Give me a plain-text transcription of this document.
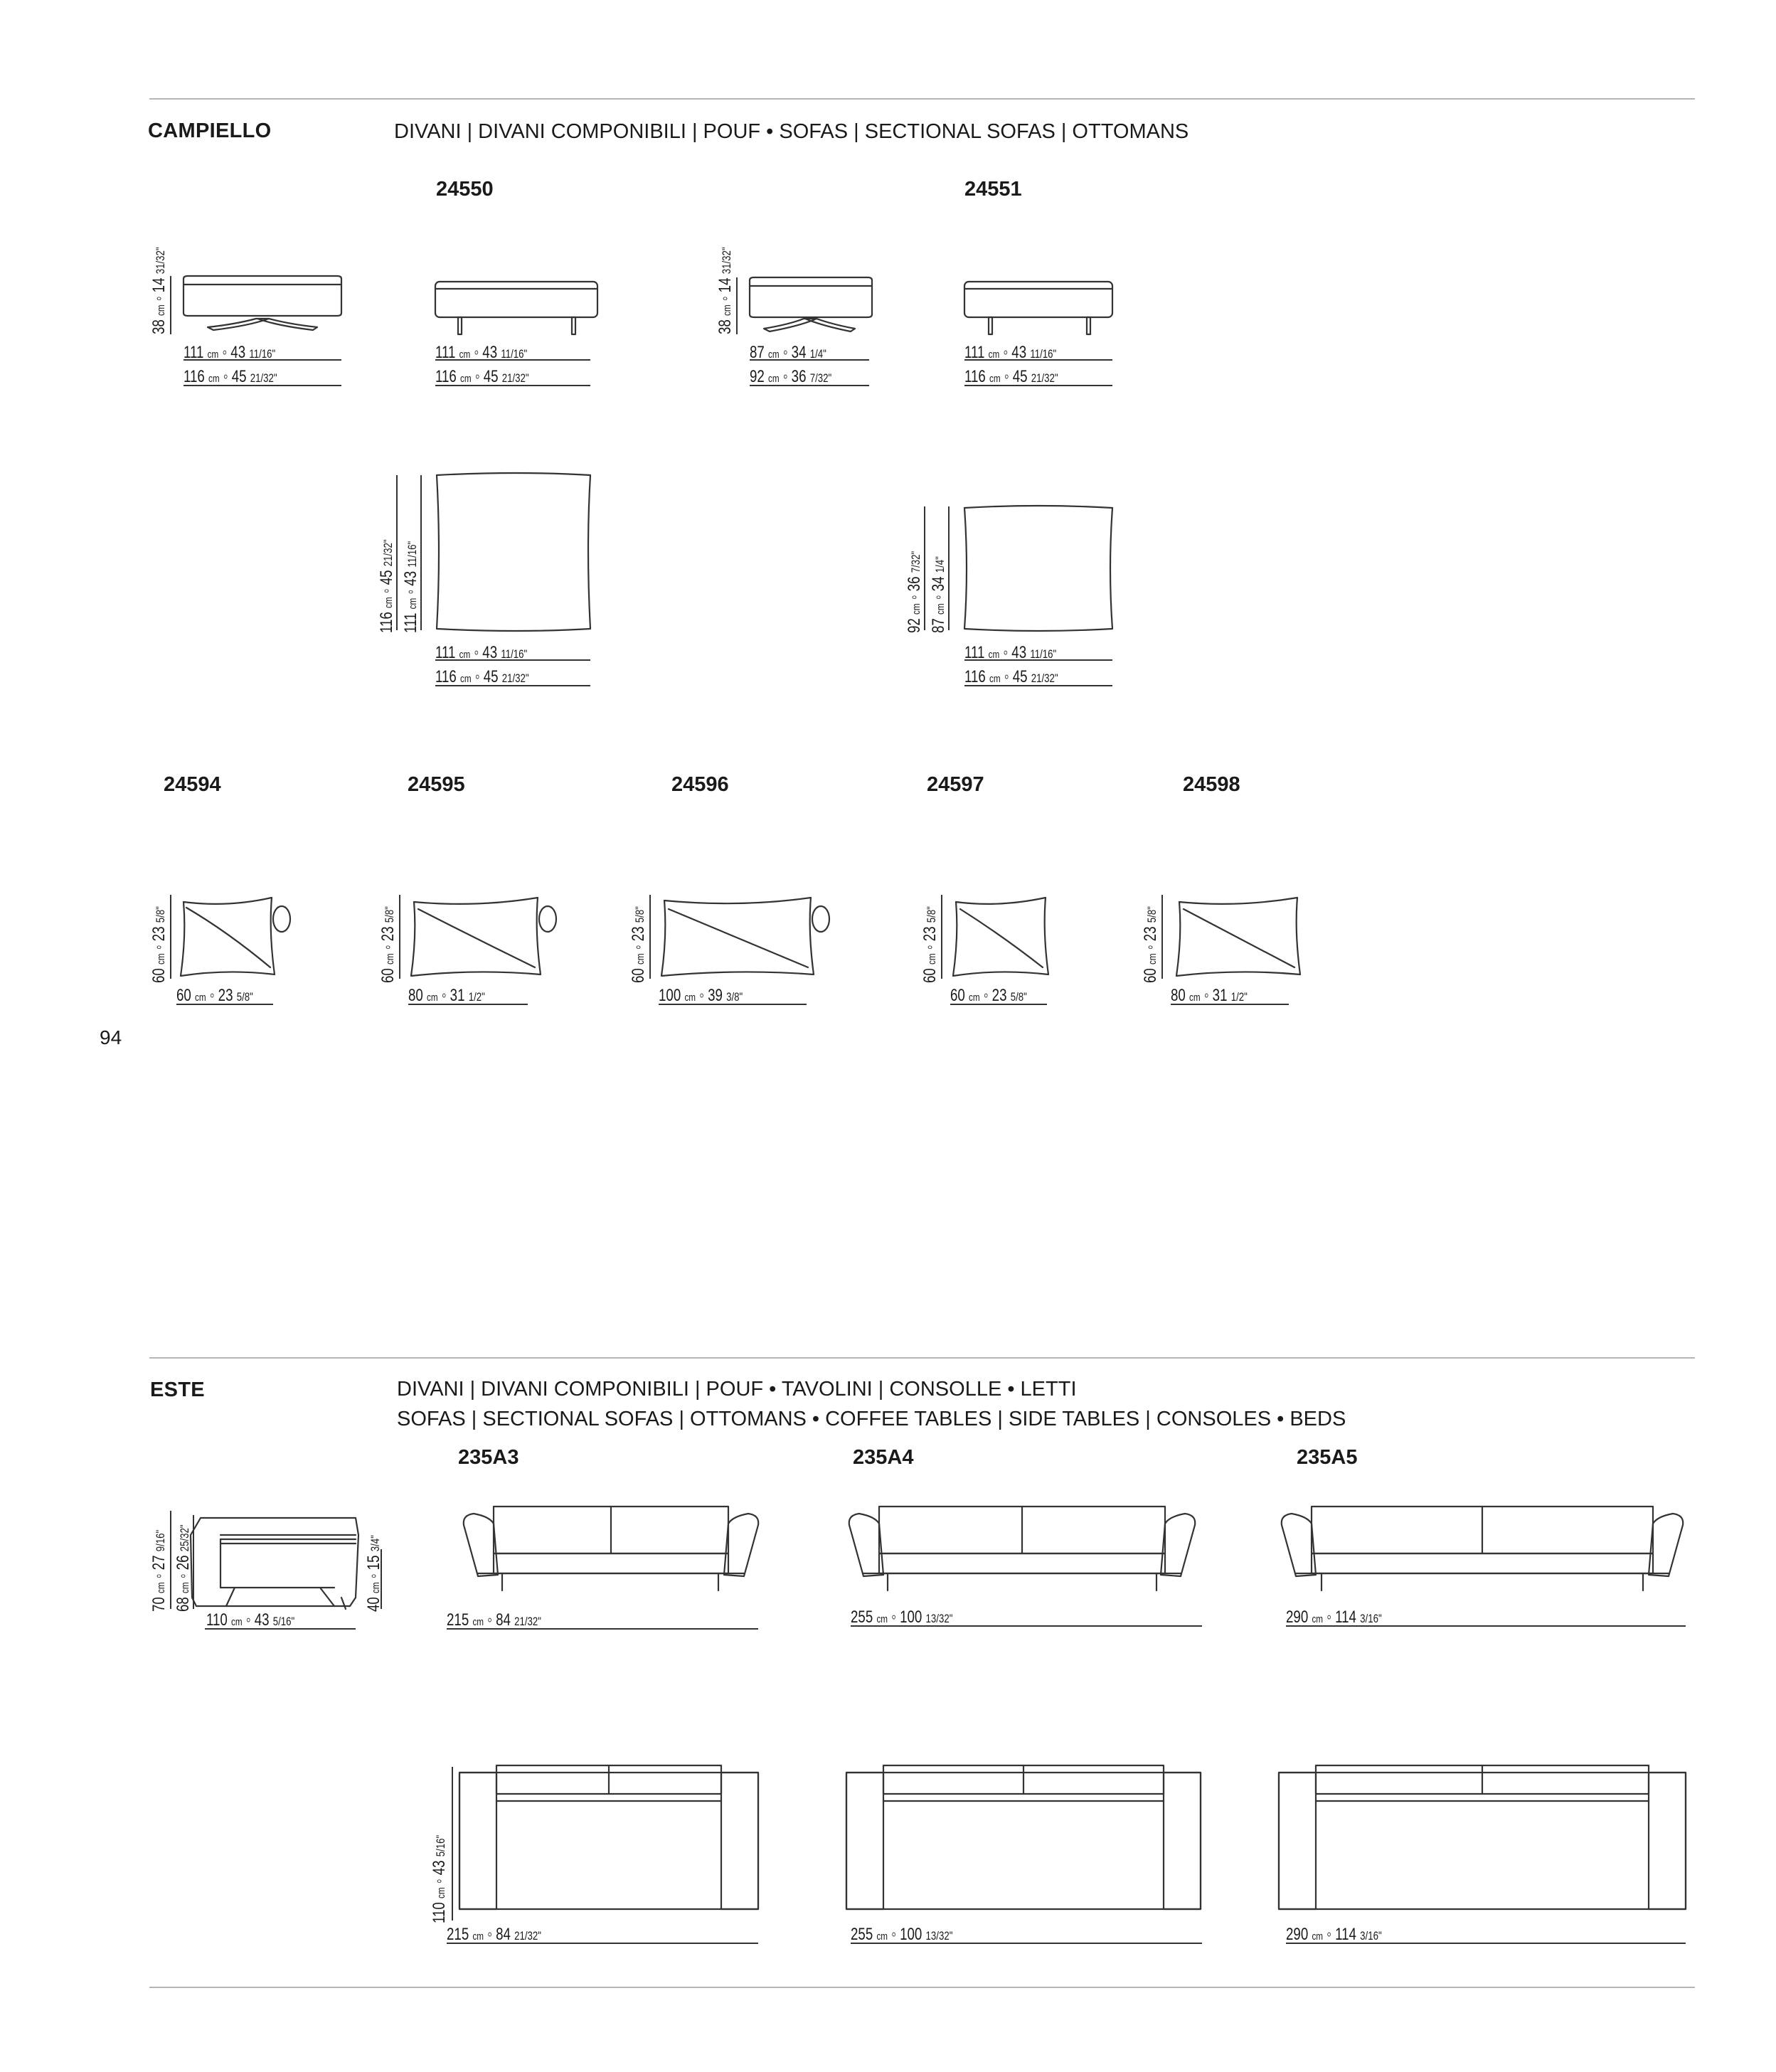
CAMPIELLO	DIVANI | DIVANI COMPONIBILI | POUF • SOFAS | SECTIONAL SOFAS | OTTOMANS
ESTE	DIVANI | DIVANI COMPONIBILI | POUF • TAVOLINI | CONSOLLE • LETTI
SOFAS | SECTIONAL SOFAS | OTTOMANS • COFFEE TABLES | SIDE TABLES | CONSOLES • BEDS
24550	24551
24594	24595	24596	24597	24598
235A3	235A4	235A5
94
111 cm ◦ 43 11/16"
116 cm ◦ 45 21/32"
111 cm ◦ 43 11/16"
116 cm ◦ 45 21/32"
87 cm ◦ 34 1/4"
92 cm ◦ 36 7/32"
111 cm ◦ 43 11/16"
116 cm ◦ 45 21/32"
111 cm ◦ 43 11/16"
116 cm ◦ 45 21/32"
111 cm ◦ 43 11/16"
116 cm ◦ 45 21/32"
60 cm ◦ 23 5/8"	80 cm ◦ 31 1/2"	100 cm ◦ 39 3/8"	60 cm ◦ 23 5/8"	80 cm ◦ 31 1/2"
110 cm ◦ 43 5/16"	215 cm ◦ 84 21/32"	255 cm ◦ 100 13/32"	290 cm ◦ 114 3/16"
215 cm ◦ 84 21/32"	255 cm ◦ 100 13/32"	290 cm ◦ 114 3/16"
38 cm ◦ 14 31/32"
38 cm ◦ 14 31/32"
116 cm ◦ 45 21/32"
111 cm ◦ 43 11/16"
92 cm ◦ 36 7/32"
87 cm ◦ 34 1/4"
60 cm ◦ 23 5/8"
60 cm ◦ 23 5/8"
60 cm ◦ 23 5/8"
60 cm ◦ 23 5/8"
60 cm ◦ 23 5/8"
70 cm ◦ 27 9/16"
68 cm ◦ 26 25/32"
40 cm ◦ 15 3/4"
110 cm ◦ 43 5/16"
